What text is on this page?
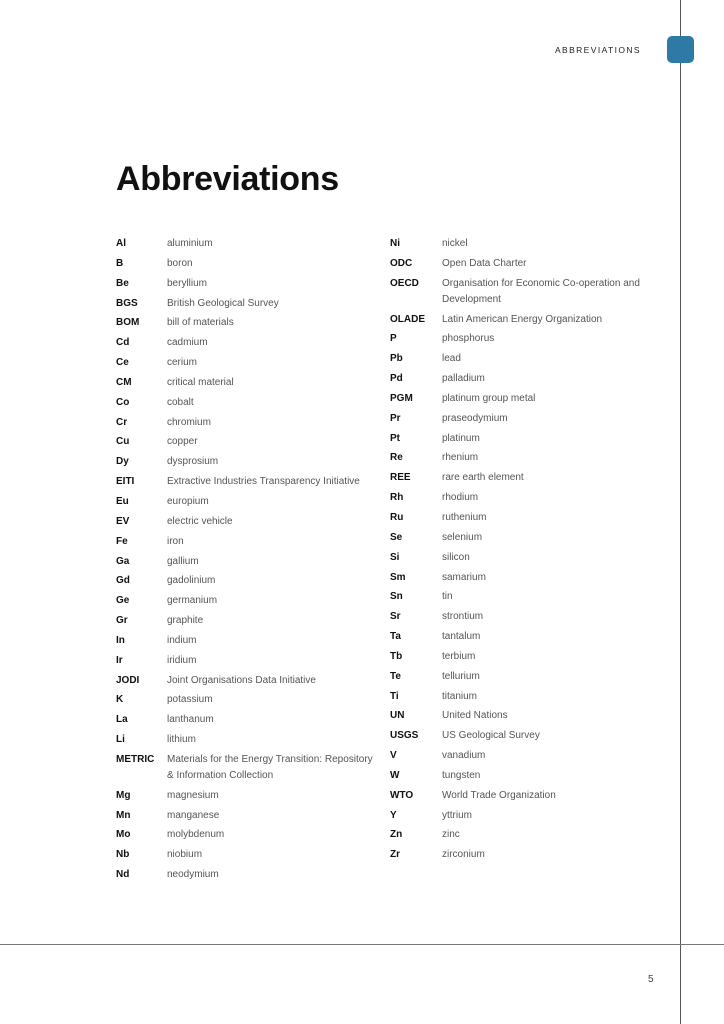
ABBREVIATIONS
Abbreviations
Al	aluminium
B	boron
Be	beryllium
BGS	British Geological Survey
BOM	bill of materials
Cd	cadmium
Ce	cerium
CM	critical material
Co	cobalt
Cr	chromium
Cu	copper
Dy	dysprosium
EITI	Extractive Industries Transparency Initiative
Eu	europium
EV	electric vehicle
Fe	iron
Ga	gallium
Gd	gadolinium
Ge	germanium
Gr	graphite
In	indium
Ir	iridium
JODI	Joint Organisations Data Initiative
K	potassium
La	lanthanum
Li	lithium
METRIC	Materials for the Energy Transition: Repository & Information Collection
Mg	magnesium
Mn	manganese
Mo	molybdenum
Nb	niobium
Nd	neodymium
Ni	nickel
ODC	Open Data Charter
OECD	Organisation for Economic Co-operation and Development
OLADE	Latin American Energy Organization
P	phosphorus
Pb	lead
Pd	palladium
PGM	platinum group metal
Pr	praseodymium
Pt	platinum
Re	rhenium
REE	rare earth element
Rh	rhodium
Ru	ruthenium
Se	selenium
Si	silicon
Sm	samarium
Sn	tin
Sr	strontium
Ta	tantalum
Tb	terbium
Te	tellurium
Ti	titanium
UN	United Nations
USGS	US Geological Survey
V	vanadium
W	tungsten
WTO	World Trade Organization
Y	yttrium
Zn	zinc
Zr	zirconium
5
